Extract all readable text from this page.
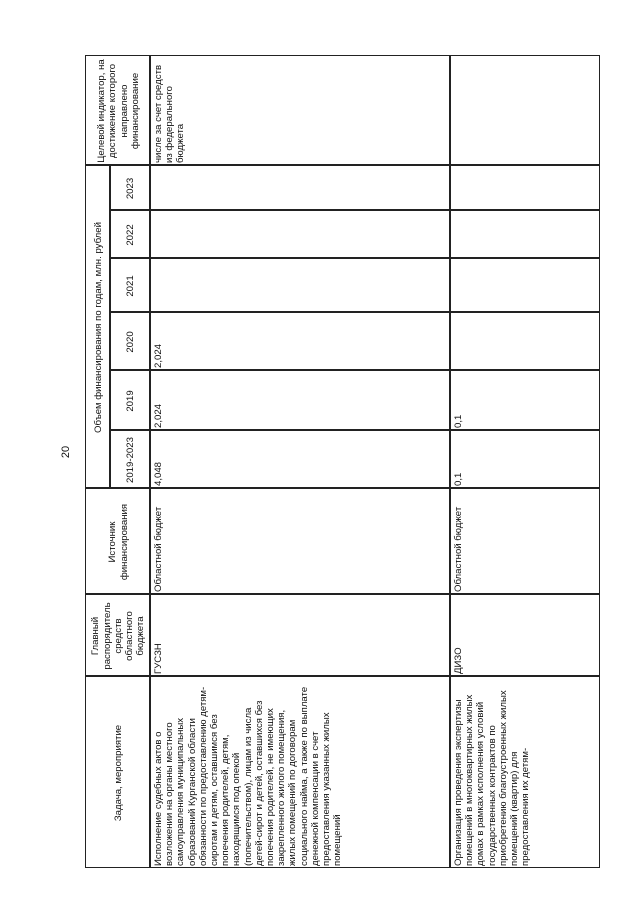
20
Задача, мероприятие
Главный распорядитель средств областного бюджета
Источник финансирования
Объем финансирования по годам, млн. рублей
2019-2023
2019
2020
2021
2022
2023
Целевой индикатор, на достижение которого направлено финансирование
Исполнение судебных актов о возложении на органы местного самоуправления муниципальных образований Курганской области обязанности по предоставлению детям-сиротам и детям, оставшимся без попечения родителей, детям, находящимся под опекой (попечительством), лицам из числа детей-сирот и детей, оставшихся без попечения родителей, не имеющих закрепленного жилого помещения, жилых помещений по договорам социального найма, а также по выплате денежной компенсации в счет предоставления указанных жилых помещений
ГУСЗН
Областной бюджет
4,048
2,024
2,024
числе за счет средств из федерального бюджета
Организация проведения экспертизы помещений в многоквартирных жилых домах в рамках исполнения условий государственных контрактов по приобретению благоустроенных жилых помещений (квартир) для предоставления их детям-
ДИЗО
Областной бюджет
0,1
0,1
